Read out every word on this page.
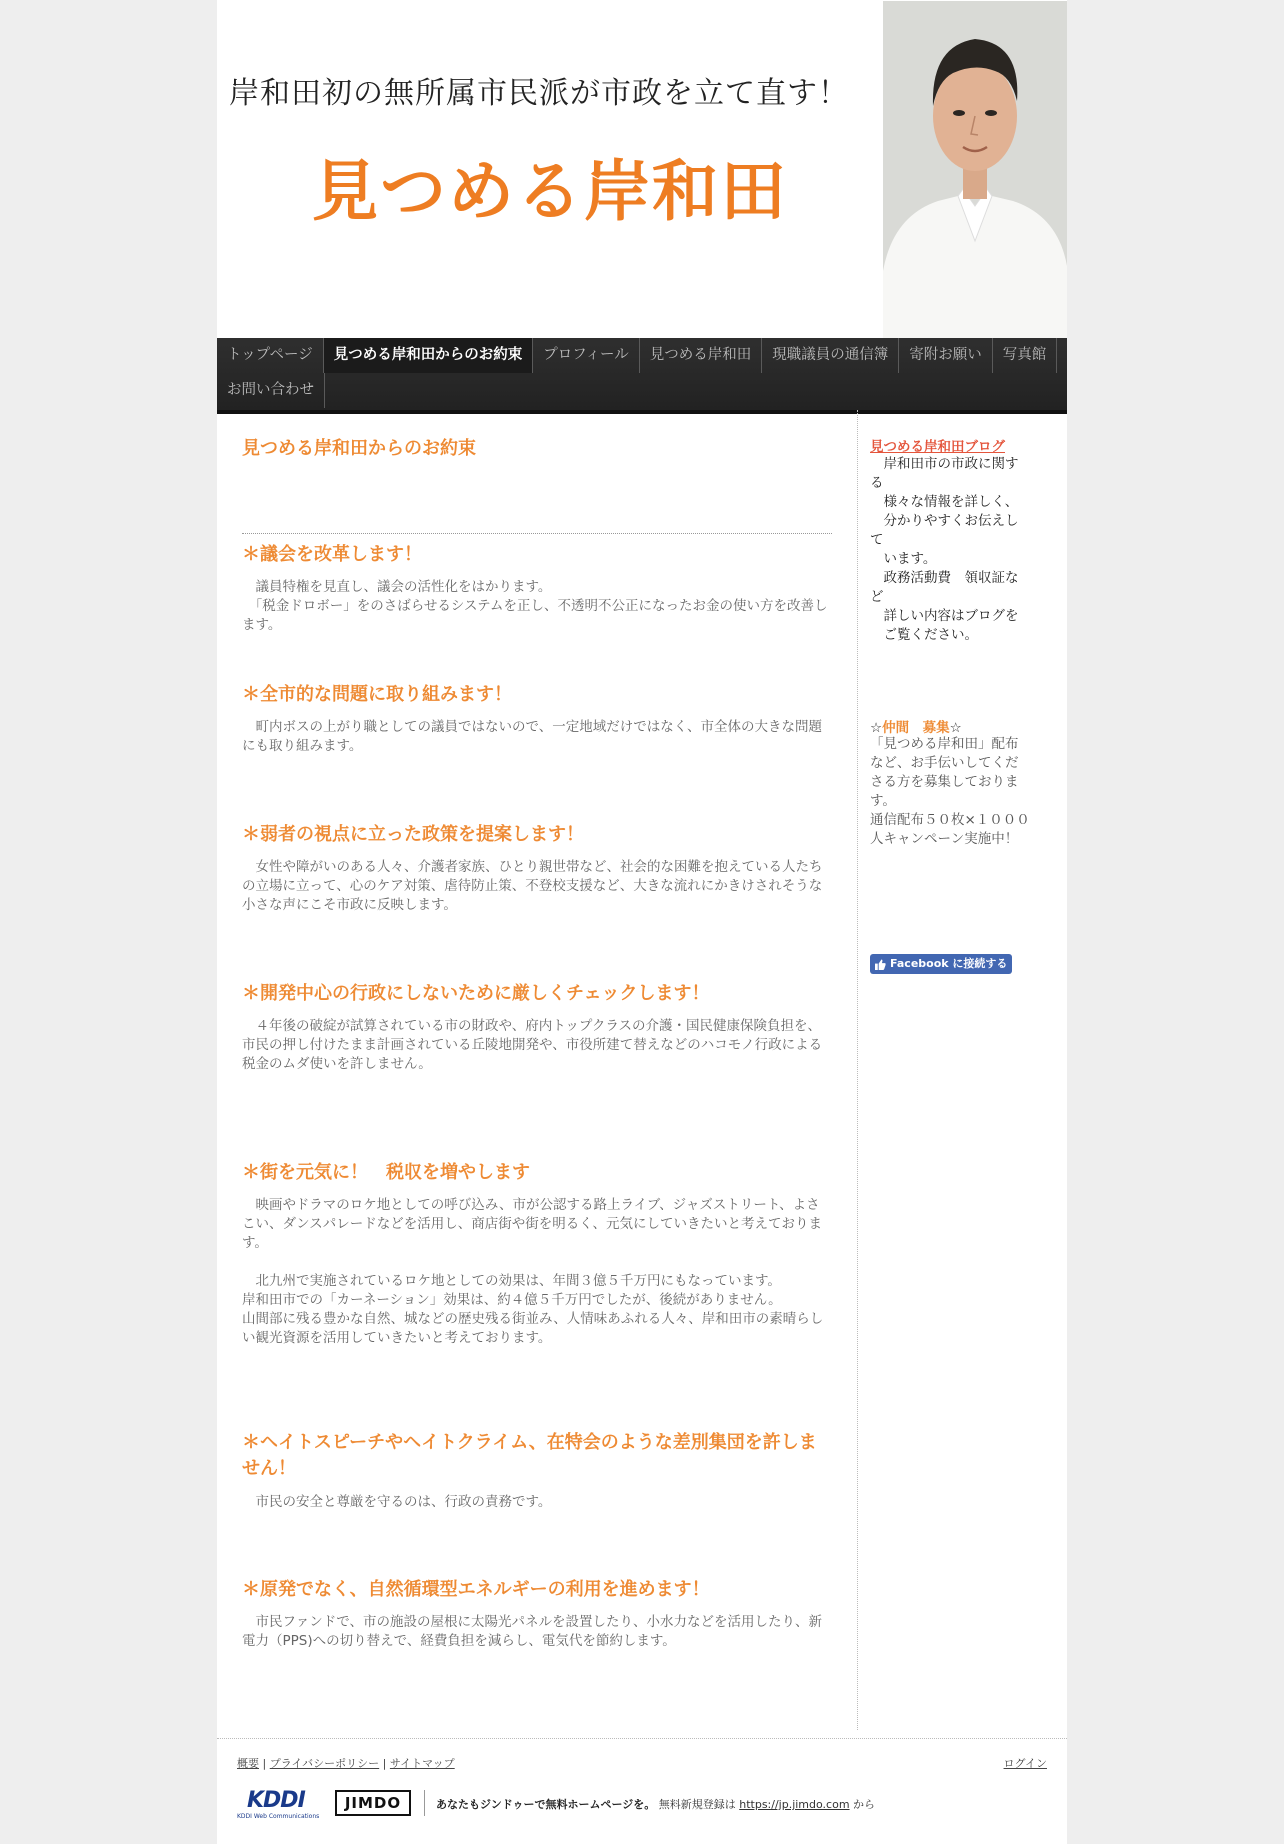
岸和田初の無所属市民派が市政を立て直す！
見つめる岸和田
トップページ	見つめる岸和田からのお約束	プロフィール	見つめる岸和田	現職議員の通信簿	寄附お願い	写真館
お問い合わせ
見つめる岸和田からのお約束
＊議会を改革します！
　議員特権を見直し、議会の活性化をはかります。
　「税金ドロボー」をのさばらせるシステムを正し、不透明不公正になったお金の使い方を改善します。
＊全市的な問題に取り組みます！
　町内ボスの上がり職としての議員ではないので、一定地域だけではなく、市全体の大きな問題にも取り組みます。
＊弱者の視点に立った政策を提案します！
　女性や障がいのある人々、介護者家族、ひとり親世帯など、社会的な困難を抱えている人たちの立場に立って、心のケア対策、虐待防止策、不登校支援など、大きな流れにかきけされそうな小さな声にこそ市政に反映します。
＊開発中心の行政にしないために厳しくチェックします！
　４年後の破綻が試算されている市の財政や、府内トップクラスの介護・国民健康保険負担を、市民の押し付けたまま計画されている丘陵地開発や、市役所建て替えなどのハコモノ行政による税金のムダ使いを許しません。
＊街を元気に！　税収を増やします
　映画やドラマのロケ地としての呼び込み、市が公認する路上ライブ、ジャズストリート、よさこい、ダンスパレードなどを活用し、商店街や街を明るく、元気にしていきたいと考えております。

　北九州で実施されているロケ地としての効果は、年間３億５千万円にもなっています。
岸和田市での「カーネーション」効果は、約４億５千万円でしたが、後続がありません。
山間部に残る豊かな自然、城などの歴史残る街並み、人情味あふれる人々、岸和田市の素晴らしい観光資源を活用していきたいと考えております。
＊ヘイトスピーチやヘイトクライム、在特会のような差別集団を許しません！
　市民の安全と尊厳を守るのは、行政の責務です。
＊原発でなく、自然循環型エネルギーの利用を進めます！
　市民ファンドで、市の施設の屋根に太陽光パネルを設置したり、小水力などを活用したり、新電力（PPS)への切り替えで、経費負担を減らし、電気代を節約します。
見つめる岸和田ブログ
　岸和田市の市政に関する
　様々な情報を詳しく、
　分かりやすくお伝えして
　います。
　政務活動費　領収証など
　詳しい内容はブログを
　ご覧ください。
☆仲間　募集☆
「見つめる岸和田」配布など、お手伝いしてくださる方を募集しております。
通信配布５０枚×１０００人キャンペーン実施中！
Facebook に接続する
概要 | プライバシーポリシー | サイトマップ	ログイン
KDDI
KDDI Web Communications
JIMDO	あなたもジンドゥーで無料ホームページを。 無料新規登録は https://jp.jimdo.com から
